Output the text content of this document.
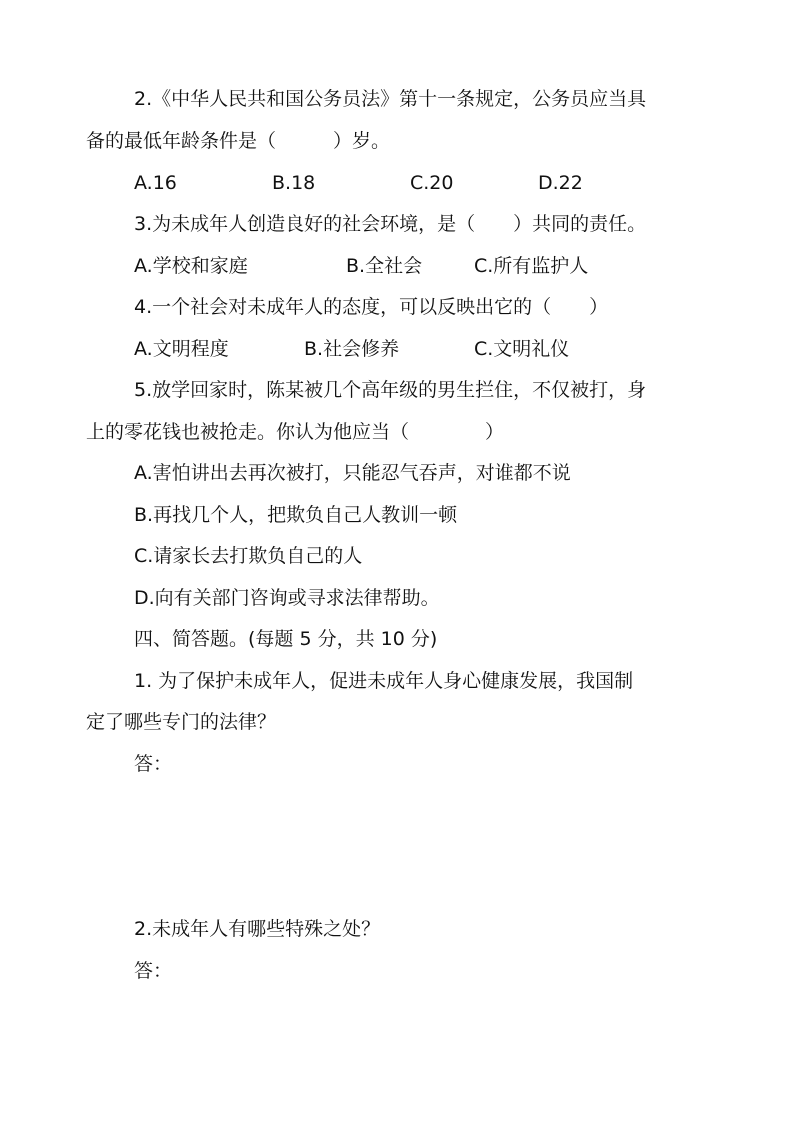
2.《中华人民共和国公务员法》第十一条规定，公务员应当具
备的最低年龄条件是（　　　）岁。
A.16	B.18	C.20	D.22
3.为未成年人创造良好的社会环境，是（　　）共同的责任。
A.学校和家庭	B.全社会	C.所有监护人
4.一个社会对未成年人的态度，可以反映出它的（　　）
A.文明程度	B.社会修养	C.文明礼仪
5.放学回家时，陈某被几个高年级的男生拦住，不仅被打，身
上的零花钱也被抢走。你认为他应当（　　　　）
A.害怕讲出去再次被打，只能忍气吞声，对谁都不说
B.再找几个人，把欺负自己人教训一顿
C.请家长去打欺负自己的人
D.向有关部门咨询或寻求法律帮助。
四、简答题。(每题 5 分，共 10 分)
1. 为了保护未成年人，促进未成年人身心健康发展，我国制
定了哪些专门的法律？
答：
2.未成年人有哪些特殊之处？
答：
